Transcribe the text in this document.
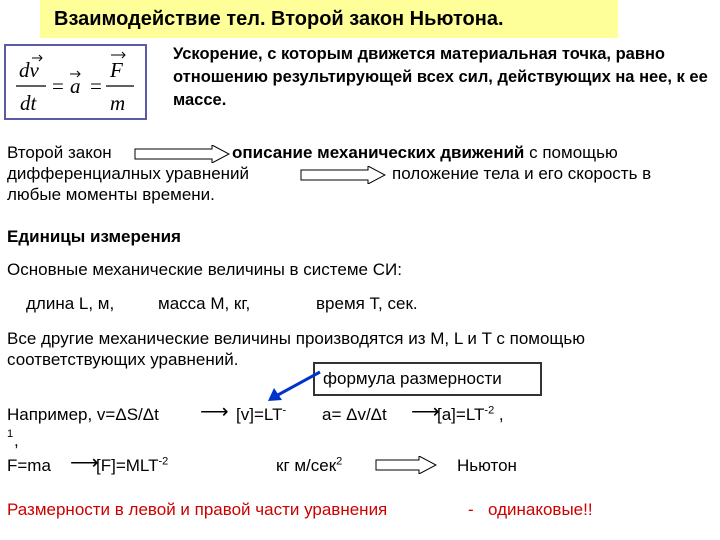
Взаимодействие тел. Второй закон Ньютона.
dv
dt
= a =
F
m
Ускорение, с которым движется материальная точка, равно отношению результирующей всех сил, действующих на нее, к ее массе.
Второй закон	описание механических движений с помощью
дифференциалных уравнений	положение тела и его скорость в
любые моменты времени.
Единицы измерения
Основные механические величины в системе СИ:
длина L, м,	масса М, кг,	время Т, сек.
Все другие механические величины производятся из М, L и T с помощью
соответствующих уравнений.
формула размерности
Например, v=ΔS/Δt ⟶ [v]=LT- a= Δv/Δt ⟶
$[a]=LT^{-2}$ ,
1 ,
F=ma ⟶
$[F]=MLT^{-2}$	кг м/сек$^2$	Ньютон
Размерности в левой и правой части уравнения	- одинаковые!!
